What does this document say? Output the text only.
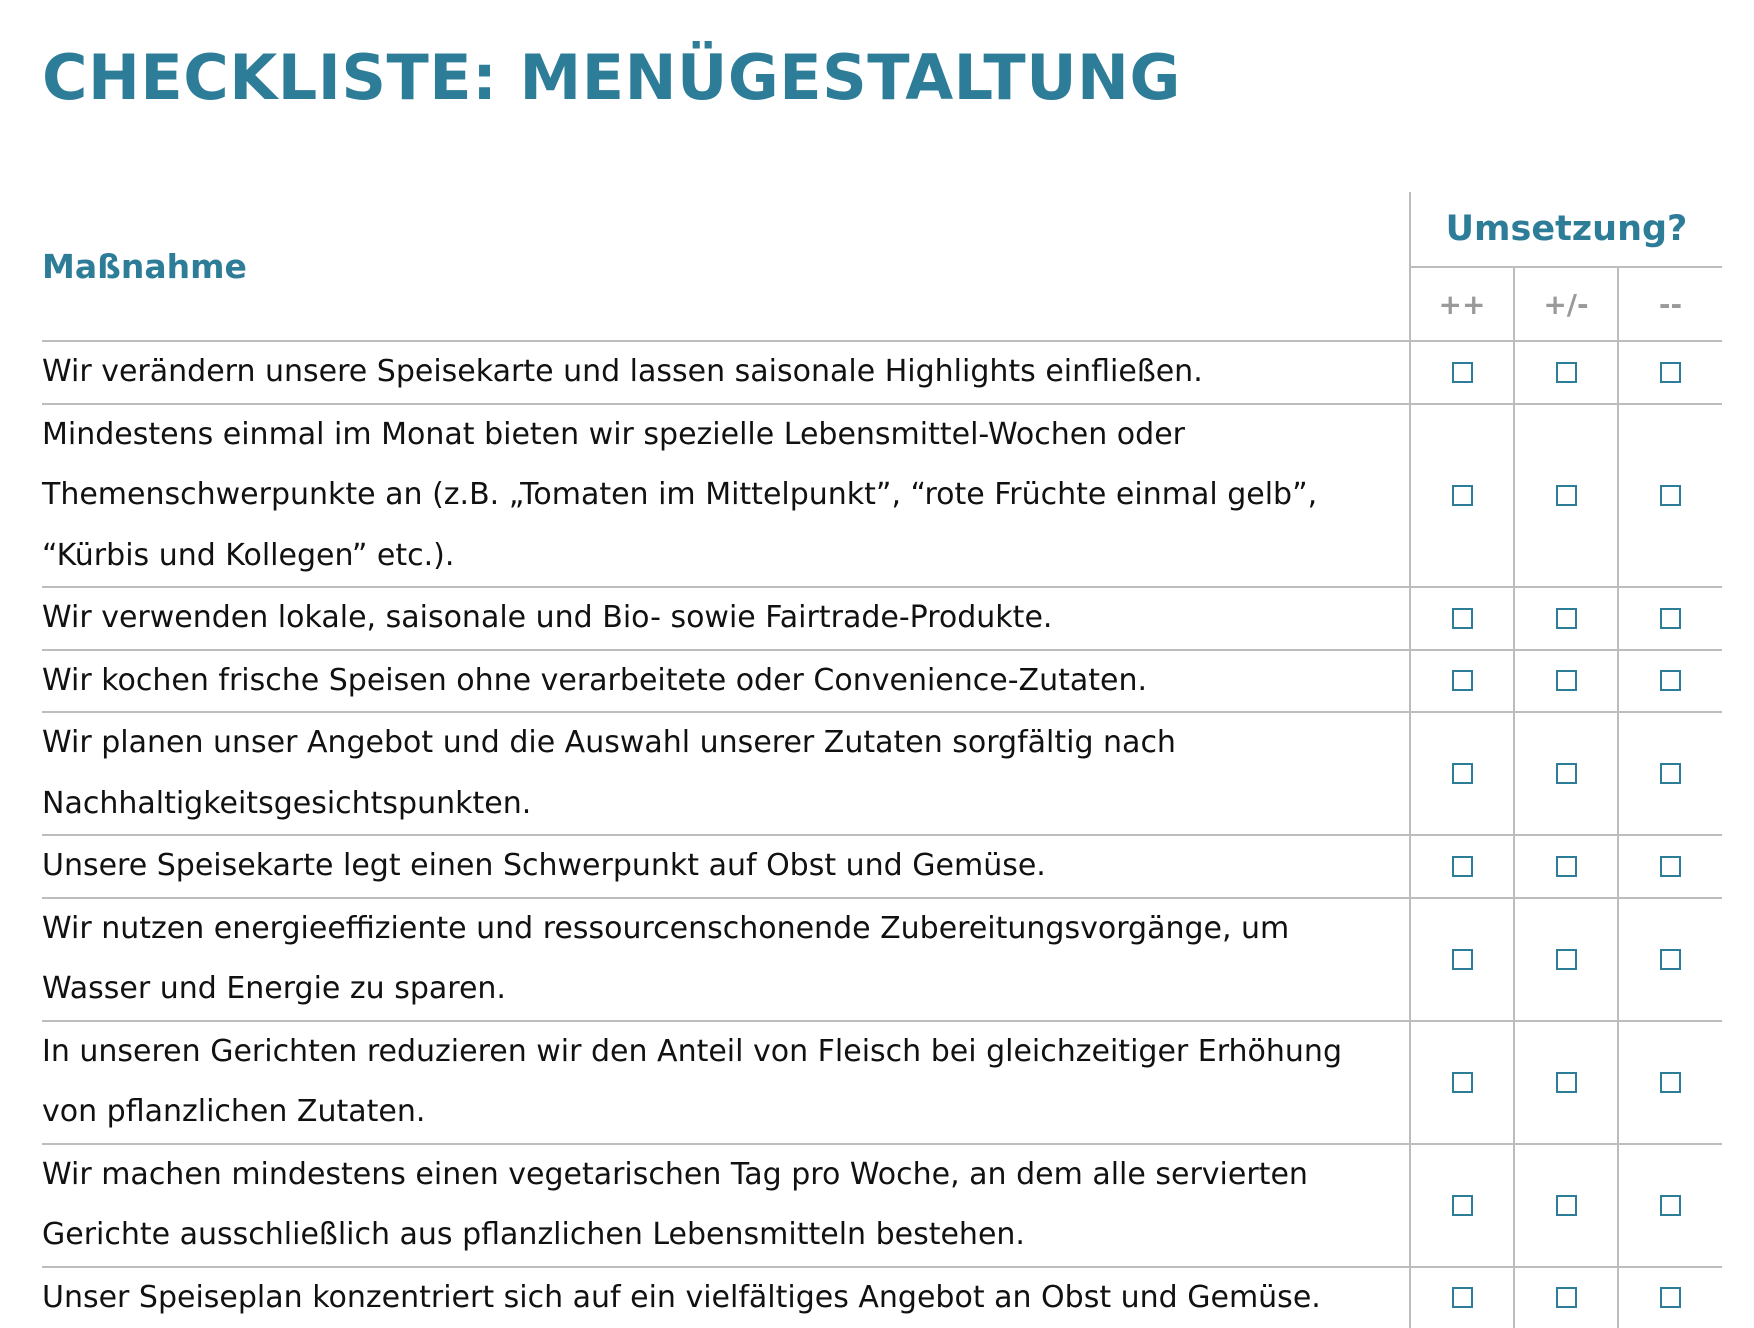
CHECKLISTE: MENÜGESTALTUNG
Maßnahme	Umsetzung?		
	++	+/-	--
Wir verändern unsere Speisekarte und lassen saisonale Highlights einfließen.			
Mindestens einmal im Monat bieten wir spezielle Lebensmittel-Wochen oder Themenschwerpunkte an (z.B. „Tomaten im Mittelpunkt”, “rote Früchte einmal gelb”, “Kürbis und Kollegen” etc.).			
Wir verwenden lokale, saisonale und Bio- sowie Fairtrade-Produkte.			
Wir kochen frische Speisen ohne verarbeitete oder Convenience-Zutaten.			
Wir planen unser Angebot und die Auswahl unserer Zutaten sorgfältig nach Nachhaltigkeitsgesichtspunkten.			
Unsere Speisekarte legt einen Schwerpunkt auf Obst und Gemüse.			
Wir nutzen energieeffiziente und ressourcenschonende Zubereitungsvorgänge, um Wasser und Energie zu sparen.			
In unseren Gerichten reduzieren wir den Anteil von Fleisch bei gleichzeitiger Erhöhung von pflanzlichen Zutaten.			
Wir machen mindestens einen vegetarischen Tag pro Woche, an dem alle servierten Gerichte ausschließlich aus pflanzlichen Lebensmitteln bestehen.			
Unser Speiseplan konzentriert sich auf ein vielfältiges Angebot an Obst und Gemüse.			
